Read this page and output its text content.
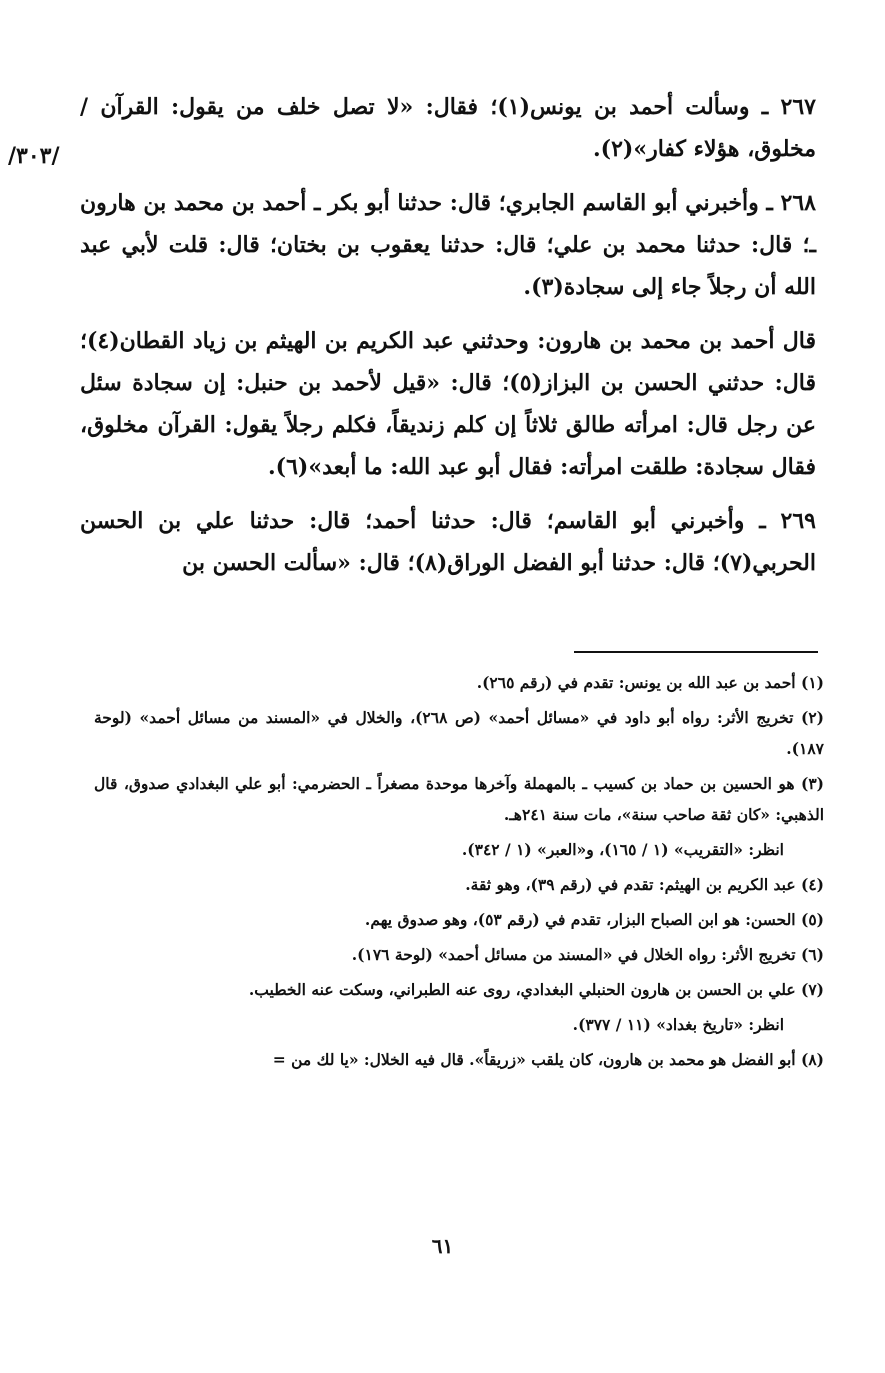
/٣٠٣/

٢٦٧ ـ وسألت أحمد بن يونس(١)؛ فقال: «لا تصل خلف من يقول: القرآن / مخلوق، هؤلاء كفار»(٢).

٢٦٨ ـ وأخبرني أبو القاسم الجابري؛ قال: حدثنا أبو بكر ـ أحمد بن محمد بن هارون ـ؛ قال: حدثنا محمد بن علي؛ قال: حدثنا يعقوب بن بختان؛ قال: قلت لأبي عبد الله أن رجلاً جاء إلى سجادة(٣).

قال أحمد بن محمد بن هارون: وحدثني عبد الكريم بن الهيثم بن زياد القطان(٤)؛ قال: حدثني الحسن بن البزاز(٥)؛ قال: «قيل لأحمد بن حنبل: إن سجادة سئل عن رجل قال: امرأته طالق ثلاثاً إن كلم زنديقاً، فكلم رجلاً يقول: القرآن مخلوق، فقال سجادة: طلقت امرأته: فقال أبو عبد الله: ما أبعد»(٦).

٢٦٩ ـ وأخبرني أبو القاسم؛ قال: حدثنا أحمد؛ قال: حدثنا علي بن الحسن الحربي(٧)؛ قال: حدثنا أبو الفضل الوراق(٨)؛ قال: «سألت الحسن بن

(١) أحمد بن عبد الله بن يونس: تقدم في (رقم ٢٦٥).

(٢) تخريج الأثر: رواه أبو داود في «مسائل أحمد» (ص ٢٦٨)، والخلال في «المسند من مسائل أحمد» (لوحة ١٨٧).

(٣) هو الحسين بن حماد بن كسيب ـ بالمهملة وآخرها موحدة مصغراً ـ الحضرمي: أبو علي البغدادي صدوق، قال الذهبي: «كان ثقة صاحب سنة»، مات سنة ٢٤١هـ.

انظر: «التقريب» (١ / ١٦٥)، و«العبر» (١ / ٣٤٢).

(٤) عبد الكريم بن الهيثم: تقدم في (رقم ٣٩)، وهو ثقة.

(٥) الحسن: هو ابن الصباح البزار، تقدم في (رقم ٥٣)، وهو صدوق يهم.

(٦) تخريج الأثر: رواه الخلال في «المسند من مسائل أحمد» (لوحة ١٧٦).

(٧) علي بن الحسن بن هارون الحنبلي البغدادي، روى عنه الطبراني، وسكت عنه الخطيب.

انظر: «تاريخ بغداد» (١١ / ٣٧٧).

(٨) أبو الفضل هو محمد بن هارون، كان يلقب «زريقاً». قال فيه الخلال: «يا لك من =

٦١
